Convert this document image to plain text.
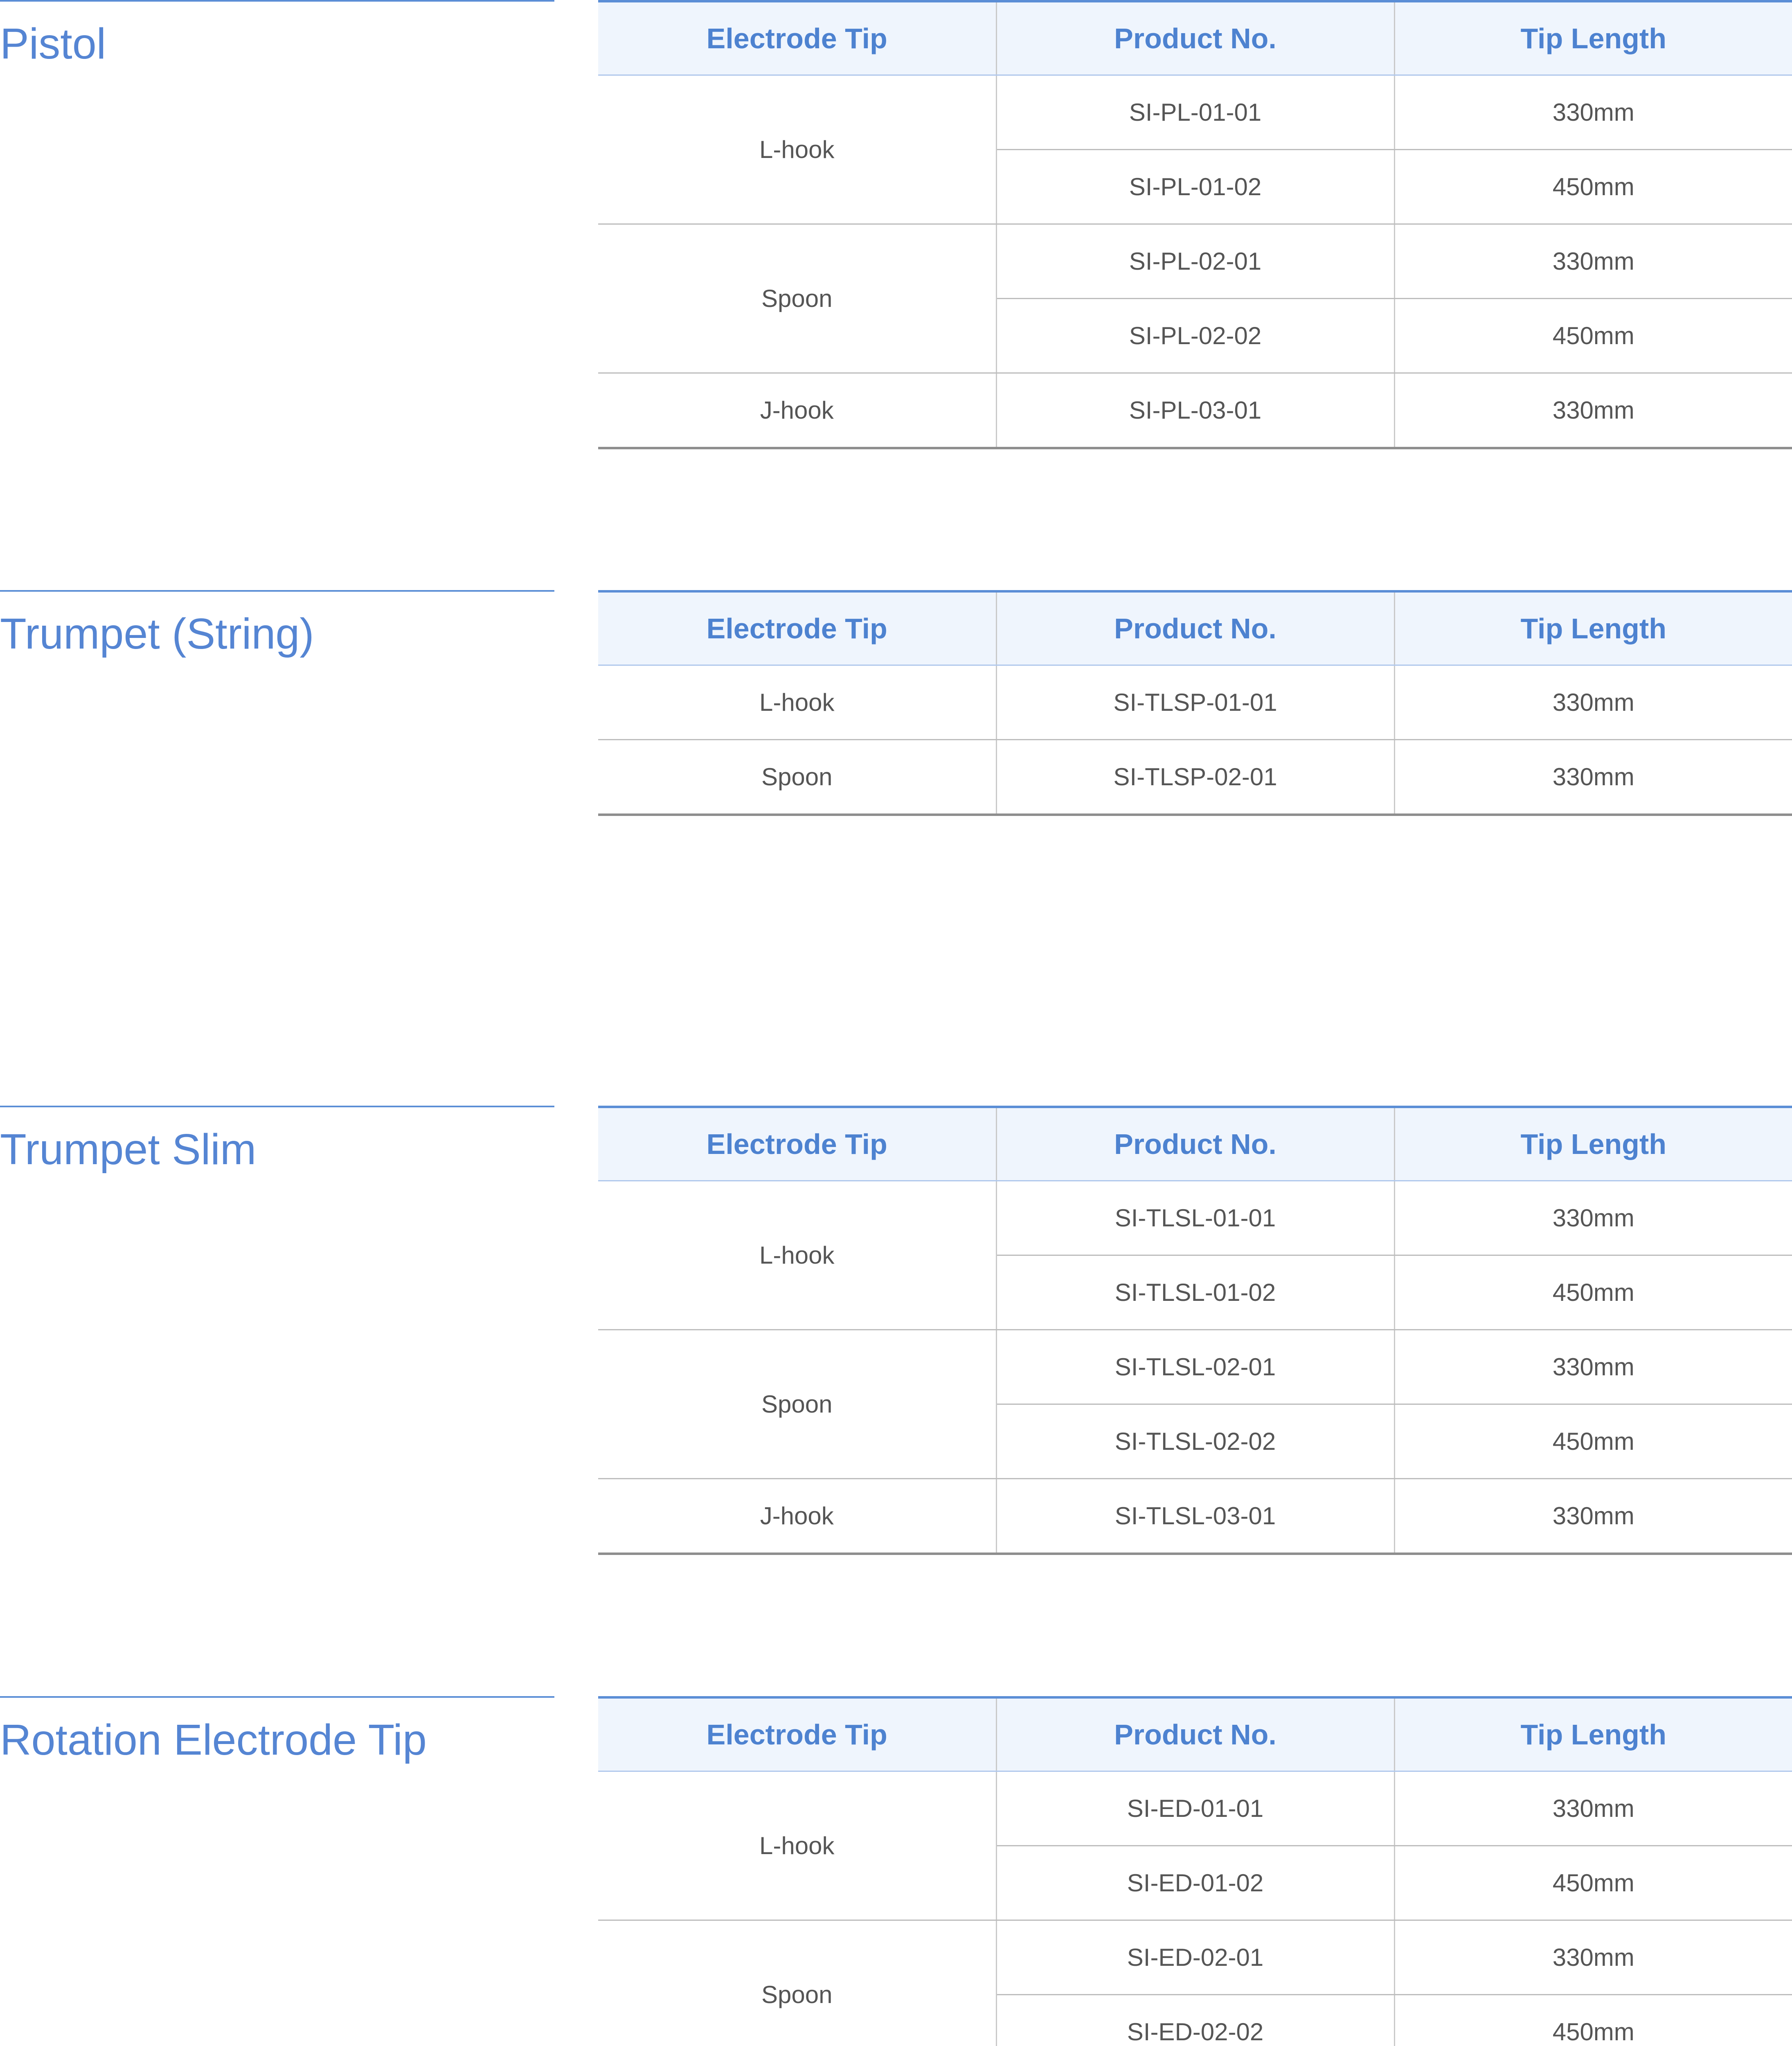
Pistol	Electrode Tip	Product No.	Tip Length
L-hook	SI-PL-01-01	330mm
	SI-PL-01-02	450mm
Spoon	SI-PL-02-01	330mm
	SI-PL-02-02	450mm
J-hook	SI-PL-03-01	330mm
Trumpet (String)	Electrode Tip	Product No.	Tip Length
L-hook	SI-TLSP-01-01	330mm
Spoon	SI-TLSP-02-01	330mm
Trumpet Slim	Electrode Tip	Product No.	Tip Length
L-hook	SI-TLSL-01-01	330mm
	SI-TLSL-01-02	450mm
Spoon	SI-TLSL-02-01	330mm
	SI-TLSL-02-02	450mm
J-hook	SI-TLSL-03-01	330mm
Rotation Electrode Tip	Electrode Tip	Product No.	Tip Length
L-hook	SI-ED-01-01	330mm
	SI-ED-01-02	450mm
Spoon	SI-ED-02-01	330mm
	SI-ED-02-02	450mm
